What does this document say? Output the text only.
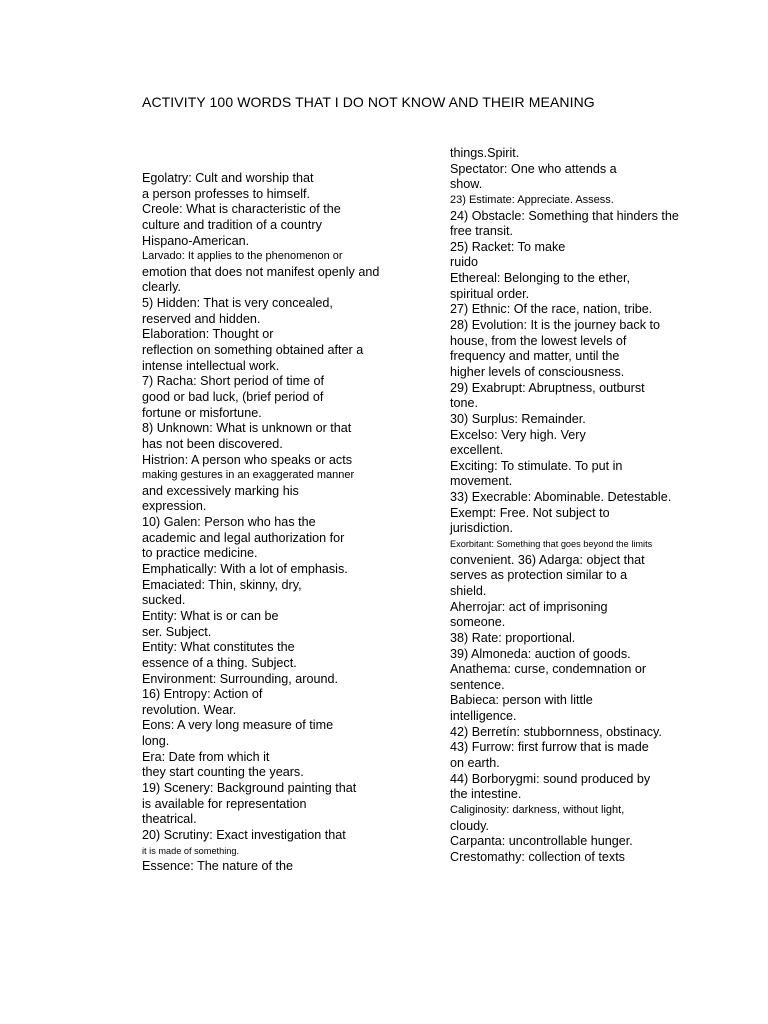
ACTIVITY 100 WORDS THAT I DO NOT KNOW AND THEIR MEANING
Egolatry: Cult and worship that
a person professes to himself.
Creole: What is characteristic of the
culture and tradition of a country
Hispano-American.
Larvado: It applies to the phenomenon or
emotion that does not manifest openly and
clearly.
5) Hidden: That is very concealed,
reserved and hidden.
Elaboration: Thought or
reflection on something obtained after a
intense intellectual work.
7) Racha: Short period of time of
good or bad luck, (brief period of
fortune or misfortune.
8) Unknown: What is unknown or that
has not been discovered.
Histrion: A person who speaks or acts
making gestures in an exaggerated manner
and excessively marking his
expression.
10) Galen: Person who has the
academic and legal authorization for
to practice medicine.
Emphatically: With a lot of emphasis.
Emaciated: Thin, skinny, dry,
sucked.
Entity: What is or can be
ser. Subject.
Entity: What constitutes the
essence of a thing. Subject.
Environment: Surrounding, around.
16) Entropy: Action of
revolution. Wear.
Eons: A very long measure of time
long.
Era: Date from which it
they start counting the years.
19) Scenery: Background painting that
is available for representation
theatrical.
20) Scrutiny: Exact investigation that
it is made of something.
Essence: The nature of the
things.Spirit.
Spectator: One who attends a
show.
23) Estimate: Appreciate. Assess.
24) Obstacle: Something that hinders the
free transit.
25) Racket: To make
ruido
Ethereal: Belonging to the ether,
spiritual order.
27) Ethnic: Of the race, nation, tribe.
28) Evolution: It is the journey back to
house, from the lowest levels of
frequency and matter, until the
higher levels of consciousness.
29) Exabrupt: Abruptness, outburst
tone.
30) Surplus: Remainder.
Excelso: Very high. Very
excellent.
Exciting: To stimulate. To put in
movement.
33) Execrable: Abominable. Detestable.
Exempt: Free. Not subject to
jurisdiction.
Exorbitant: Something that goes beyond the limits
convenient. 36) Adarga: object that
serves as protection similar to a
shield.
Aherrojar: act of imprisoning
someone.
38) Rate: proportional.
39) Almoneda: auction of goods.
Anathema: curse, condemnation or
sentence.
Babieca: person with little
intelligence.
42) Berretín: stubbornness, obstinacy.
43) Furrow: first furrow that is made
on earth.
44) Borborygmi: sound produced by
the intestine.
Caliginosity: darkness, without light,
cloudy.
Carpanta: uncontrollable hunger.
Crestomathy: collection of texts
